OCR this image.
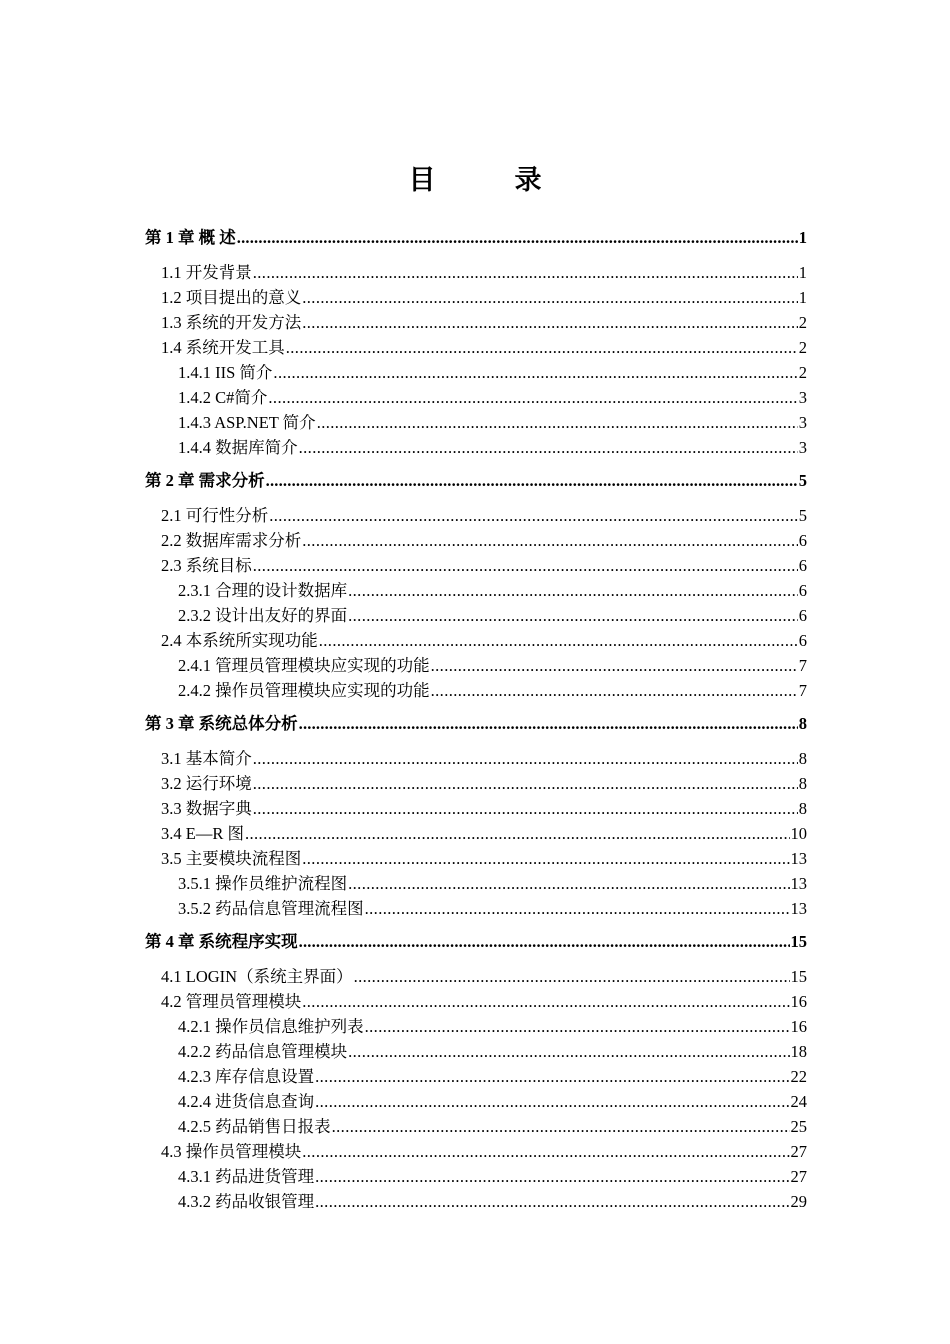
目　录
第 1 章 概 述 .....	1
1.1 开发背景 .....	1
1.2 项目提出的意义 .....	1
1.3 系统的开发方法 .....	2
1.4 系统开发工具 .....	2
1.4.1 IIS 简介 .....	2
1.4.2 C#简介 .....	3
1.4.3 ASP.NET 简介 .....	3
1.4.4 数据库简介 .....	3
第 2 章 需求分析 .....	5
2.1 可行性分析 .....	5
2.2 数据库需求分析 .....	6
2.3 系统目标 .....	6
2.3.1 合理的设计数据库 .....	6
2.3.2 设计出友好的界面 .....	6
2.4 本系统所实现功能 .....	6
2.4.1 管理员管理模块应实现的功能 .....	7
2.4.2 操作员管理模块应实现的功能 .....	7
第 3 章 系统总体分析 .....	8
3.1 基本简介 .....	8
3.2 运行环境 .....	8
3.3 数据字典 .....	8
3.4 E—R 图 .....	10
3.5 主要模块流程图 .....	13
3.5.1 操作员维护流程图 .....	13
3.5.2 药品信息管理流程图 .....	13
第 4 章 系统程序实现 .....	15
4.1 LOGIN（系统主界面） .....	15
4.2 管理员管理模块 .....	16
4.2.1 操作员信息维护列表 .....	16
4.2.2 药品信息管理模块 .....	18
4.2.3 库存信息设置 .....	22
4.2.4 进货信息查询 .....	24
4.2.5 药品销售日报表 .....	25
4.3 操作员管理模块 .....	27
4.3.1 药品进货管理 .....	27
4.3.2 药品收银管理 .....	29
